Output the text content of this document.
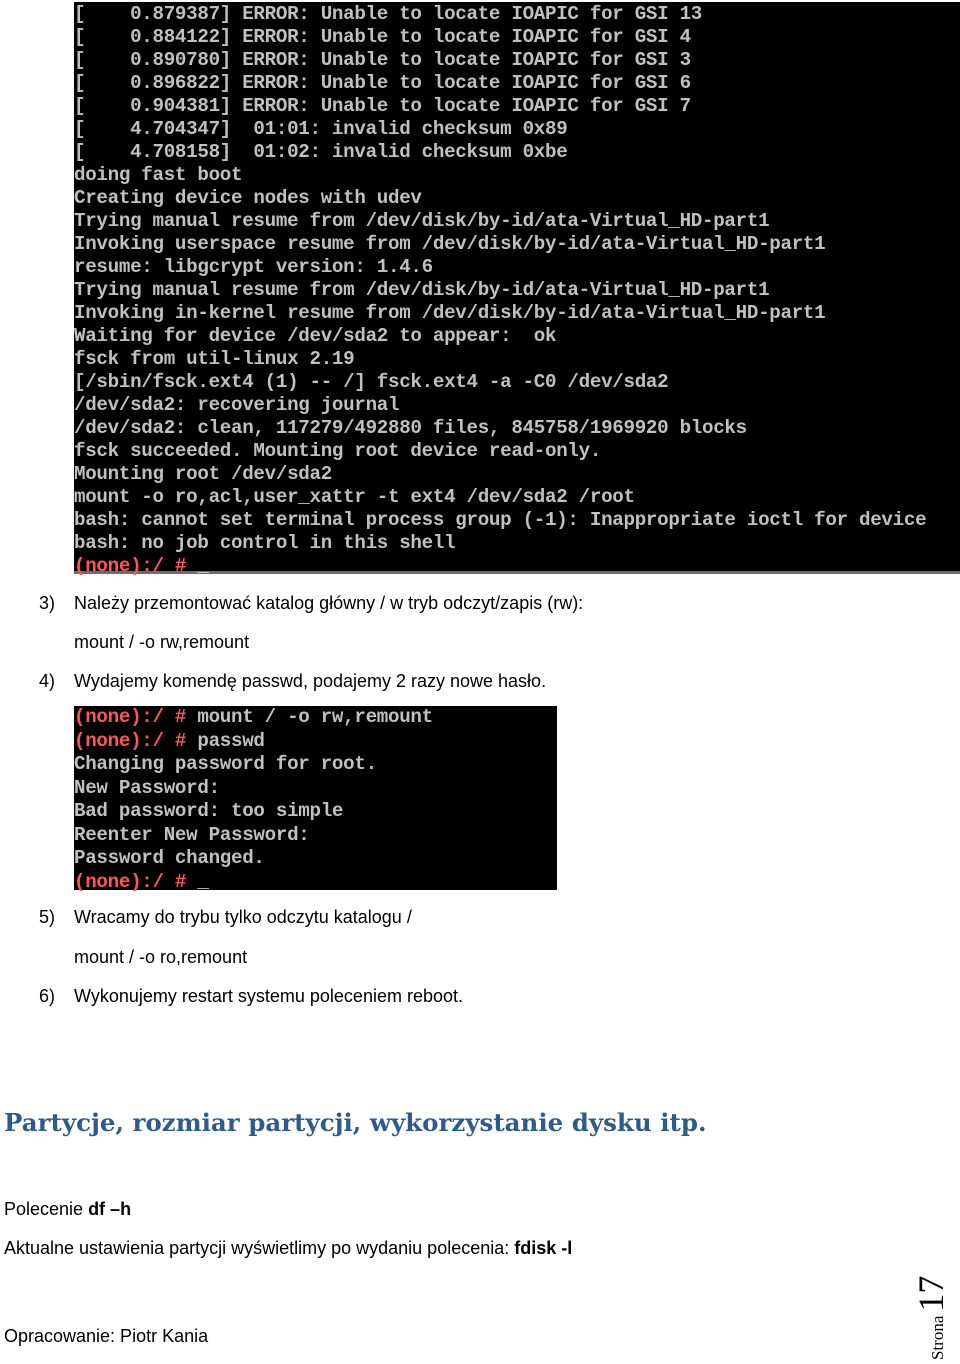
[    0.879387] ERROR: Unable to locate IOAPIC for GSI 13
[    0.884122] ERROR: Unable to locate IOAPIC for GSI 4
[    0.890780] ERROR: Unable to locate IOAPIC for GSI 3
[    0.896822] ERROR: Unable to locate IOAPIC for GSI 6
[    0.904381] ERROR: Unable to locate IOAPIC for GSI 7
[    4.704347]  01:01: invalid checksum 0x89
[    4.708158]  01:02: invalid checksum 0xbe
doing fast boot
Creating device nodes with udev
Trying manual resume from /dev/disk/by-id/ata-Virtual_HD-part1
Invoking userspace resume from /dev/disk/by-id/ata-Virtual_HD-part1
resume: libgcrypt version: 1.4.6
Trying manual resume from /dev/disk/by-id/ata-Virtual_HD-part1
Invoking in-kernel resume from /dev/disk/by-id/ata-Virtual_HD-part1
Waiting for device /dev/sda2 to appear:  ok
fsck from util-linux 2.19
[/sbin/fsck.ext4 (1) -- /] fsck.ext4 -a -C0 /dev/sda2
/dev/sda2: recovering journal
/dev/sda2: clean, 117279/492880 files, 845758/1969920 blocks
fsck succeeded. Mounting root device read-only.
Mounting root /dev/sda2
mount -o ro,acl,user_xattr -t ext4 /dev/sda2 /root
bash: cannot set terminal process group (-1): Inappropriate ioctl for device
bash: no job control in this shell
(none):/ # _
3) Należy przemontować katalog główny / w tryb odczyt/zapis (rw):
mount / -o rw,remount
4) Wydajemy komendę passwd, podajemy 2 razy nowe hasło.
(none):/ # mount / -o rw,remount
(none):/ # passwd
Changing password for root.
New Password:
Bad password: too simple
Reenter New Password:
Password changed.
(none):/ # _
5) Wracamy do trybu tylko odczytu katalogu /
mount / -o ro,remount
6) Wykonujemy restart systemu poleceniem reboot.
Partycje, rozmiar partycji, wykorzystanie dysku itp.
Polecenie df –h
Aktualne ustawienia partycji wyświetlimy po wydaniu polecenia: fdisk -l
Opracowanie: Piotr Kania	Strona17
